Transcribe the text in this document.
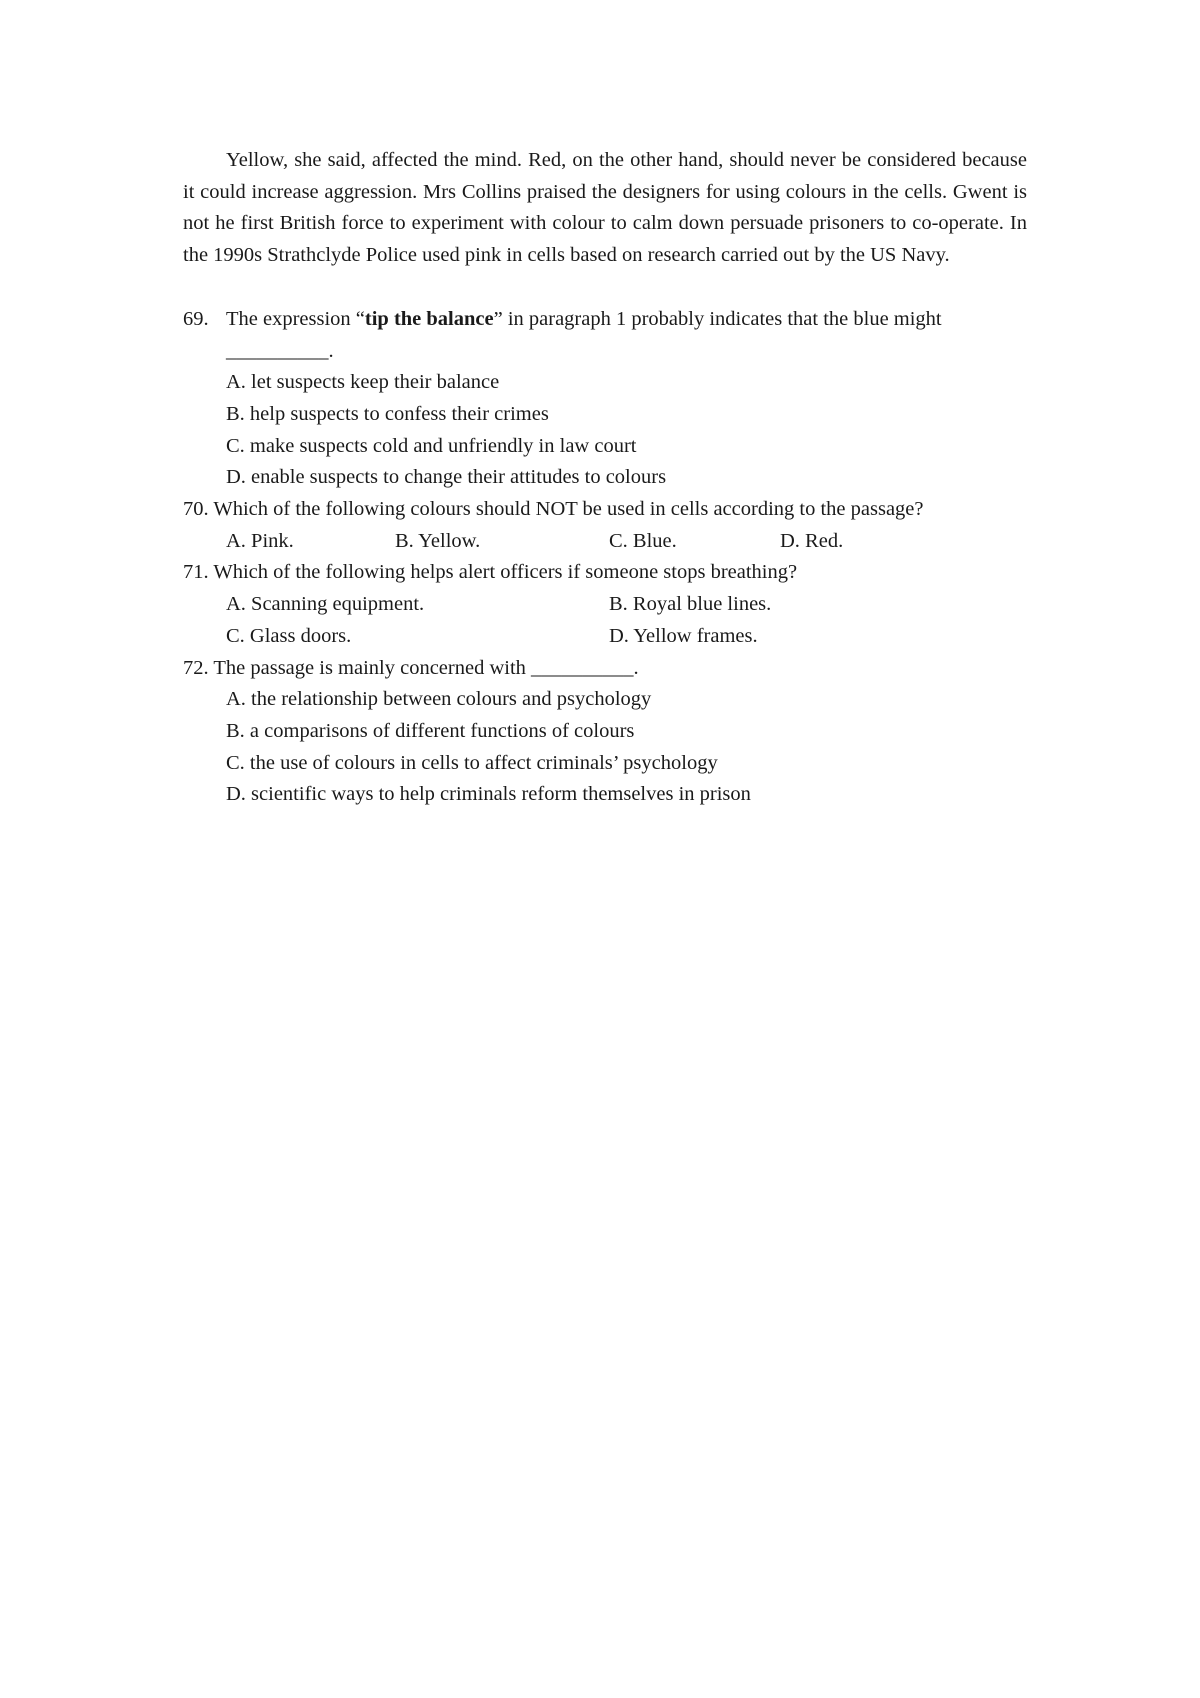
Yellow, she said, affected the mind. Red, on the other hand, should never be considered because it could increase aggression. Mrs Collins praised the designers for using colours in the cells. Gwent is not he first British force to experiment with colour to calm down persuade prisoners to co-operate. In the 1990s Strathclyde Police used pink in cells based on research carried out by the US Navy.

69. The expression “tip the balance” in paragraph 1 probably indicates that the blue might
__________.
A. let suspects keep their balance
B. help suspects to confess their crimes
C. make suspects cold and unfriendly in law court
D. enable suspects to change their attitudes to colours
70. Which of the following colours should NOT be used in cells according to the passage?
A. Pink.	B. Yellow.	C. Blue.	D. Red.
71. Which of the following helps alert officers if someone stops breathing?
A. Scanning equipment.	B. Royal blue lines.
C. Glass doors.	D. Yellow frames.
72. The passage is mainly concerned with __________.
A. the relationship between colours and psychology
B. a comparisons of different functions of colours
C. the use of colours in cells to affect criminals’ psychology
D. scientific ways to help criminals reform themselves in prison
